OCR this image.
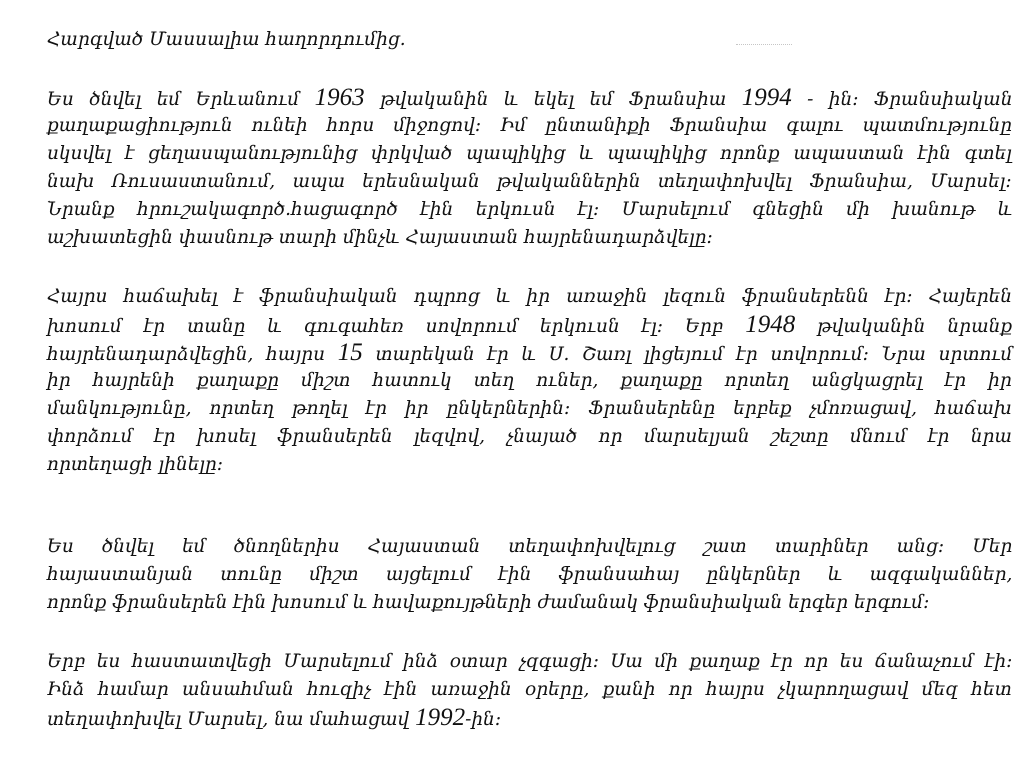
Հարգված Մասսալիա հաղորդումից.
Ես ծնվել եմ Երևանում 1963 թվականին և եկել եմ Ֆրանսիա 1994 - ին: Ֆրանսիական
քաղաքացիություն ունեի հորս միջոցով: Իմ ընտանիքի Ֆրանսիա գալու պատմությունը
սկսվել է ցեղասպանությունից փրկված պապիկից և պապիկից որոնք ապաստան էին գտել
նախ Ռուսաստանում, ապա երեսնական թվականներին տեղափոխվել Ֆրանսիա, Մարսել:
Նրանք հրուշակագործ.հացագործ էին երկուսն էլ: Մարսելում գնեցին մի խանութ և
աշխատեցին փասնութ տարի մինչև Հայաստան հայրենադարձվելը:
Հայրս հաճախել է ֆրանսիական դպրոց և իր առաջին լեզուն ֆրանսերենն էր: Հայերեն
խոսում էր տանը և գուգահեռ սովորում երկուսն էլ: Երբ 1948 թվականին նրանք
հայրենադարձվեցին, հայրս 15 տարեկան էր և Ս. Շառլ լիցեյում էր սովորում: Նրա սրտում
իր հայրենի քաղաքը միշտ հատուկ տեղ ուներ, քաղաքը որտեղ անցկացրել էր իր
մանկությունը, որտեղ թողել էր իր ընկերներին: Ֆրանսերենը երբեք չմոռացավ, հաճախ
փորձում էր խոսել ֆրանսերեն լեզվով, չնայած որ մարսելյան շեշտը մնում էր նրա
որտեղացի լինելը:
Ես ծնվել եմ ծնողներիս Հայաստան տեղափոխվելուց շատ տարիներ անց: Մեր
հայաստանյան տունը միշտ այցելում էին ֆրանսահայ ընկերներ և ազգականներ,
որոնք ֆրանսերեն էին խոսում և հավաքույթների ժամանակ ֆրանսիական երգեր երգում:
Երբ ես հաստատվեցի Մարսելում ինձ օտար չզգացի: Սա մի քաղաք էր որ ես ճանաչում էի:
Ինձ համար անսահման հուզիչ էին առաջին օրերը, քանի որ հայրս չկարողացավ մեզ հետ
տեղափոխվել Մարսել, նա մահացավ 1992-ին:
